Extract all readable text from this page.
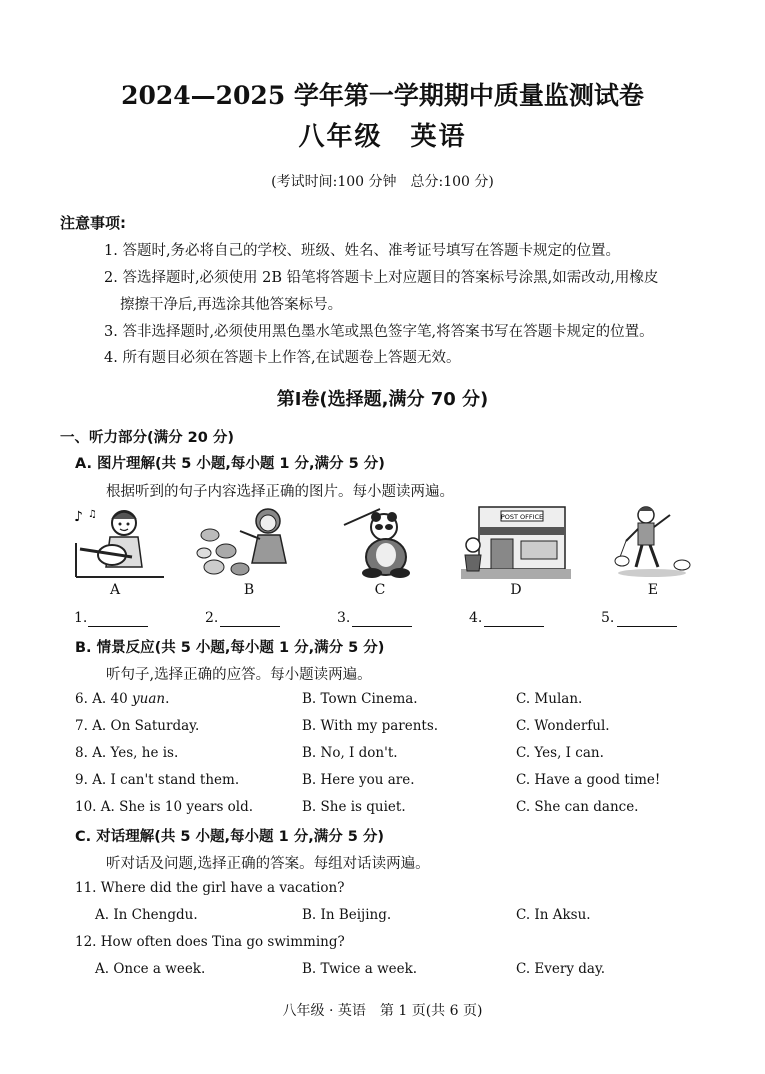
2024—2025 学年第一学期期中质量监测试卷
八年级 英语
(考试时间:100 分钟　总分:100 分)
注意事项:
1. 答题时,务必将自己的学校、班级、姓名、准考证号填写在答题卡规定的位置。
2. 答选择题时,必须使用 2B 铅笔将答题卡上对应题目的答案标号涂黑,如需改动,用橡皮
擦擦干净后,再选涂其他答案标号。
3. 答非选择题时,必须使用黑色墨水笔或黑色签字笔,将答案书写在答题卡规定的位置。
4. 所有题目必须在答题卡上作答,在试题卷上答题无效。
第Ⅰ卷(选择题,满分 70 分)
一、听力部分(满分 20 分)
A. 图片理解(共 5 小题,每小题 1 分,满分 5 分)
根据听到的句子内容选择正确的图片。每小题读两遍。
♪ ♫	POST OFFICE
A	B	C	D	E
1.	2.	3.	4.	5.
B. 情景反应(共 5 小题,每小题 1 分,满分 5 分)
听句子,选择正确的应答。每小题读两遍。
6. A. 40 yuan.	B. Town Cinema.	C. Mulan.
7. A. On Saturday.	B. With my parents.	C. Wonderful.
8. A. Yes, he is.	B. No, I don't.	C. Yes, I can.
9. A. I can't stand them.	B. Here you are.	C. Have a good time!
10. A. She is 10 years old.	B. She is quiet.	C. She can dance.
C. 对话理解(共 5 小题,每小题 1 分,满分 5 分)
听对话及问题,选择正确的答案。每组对话读两遍。
11. Where did the girl have a vacation?
A. In Chengdu.	B. In Beijing.	C. In Aksu.
12. How often does Tina go swimming?
A. Once a week.	B. Twice a week.	C. Every day.
八年级 · 英语　第 1 页(共 6 页)
